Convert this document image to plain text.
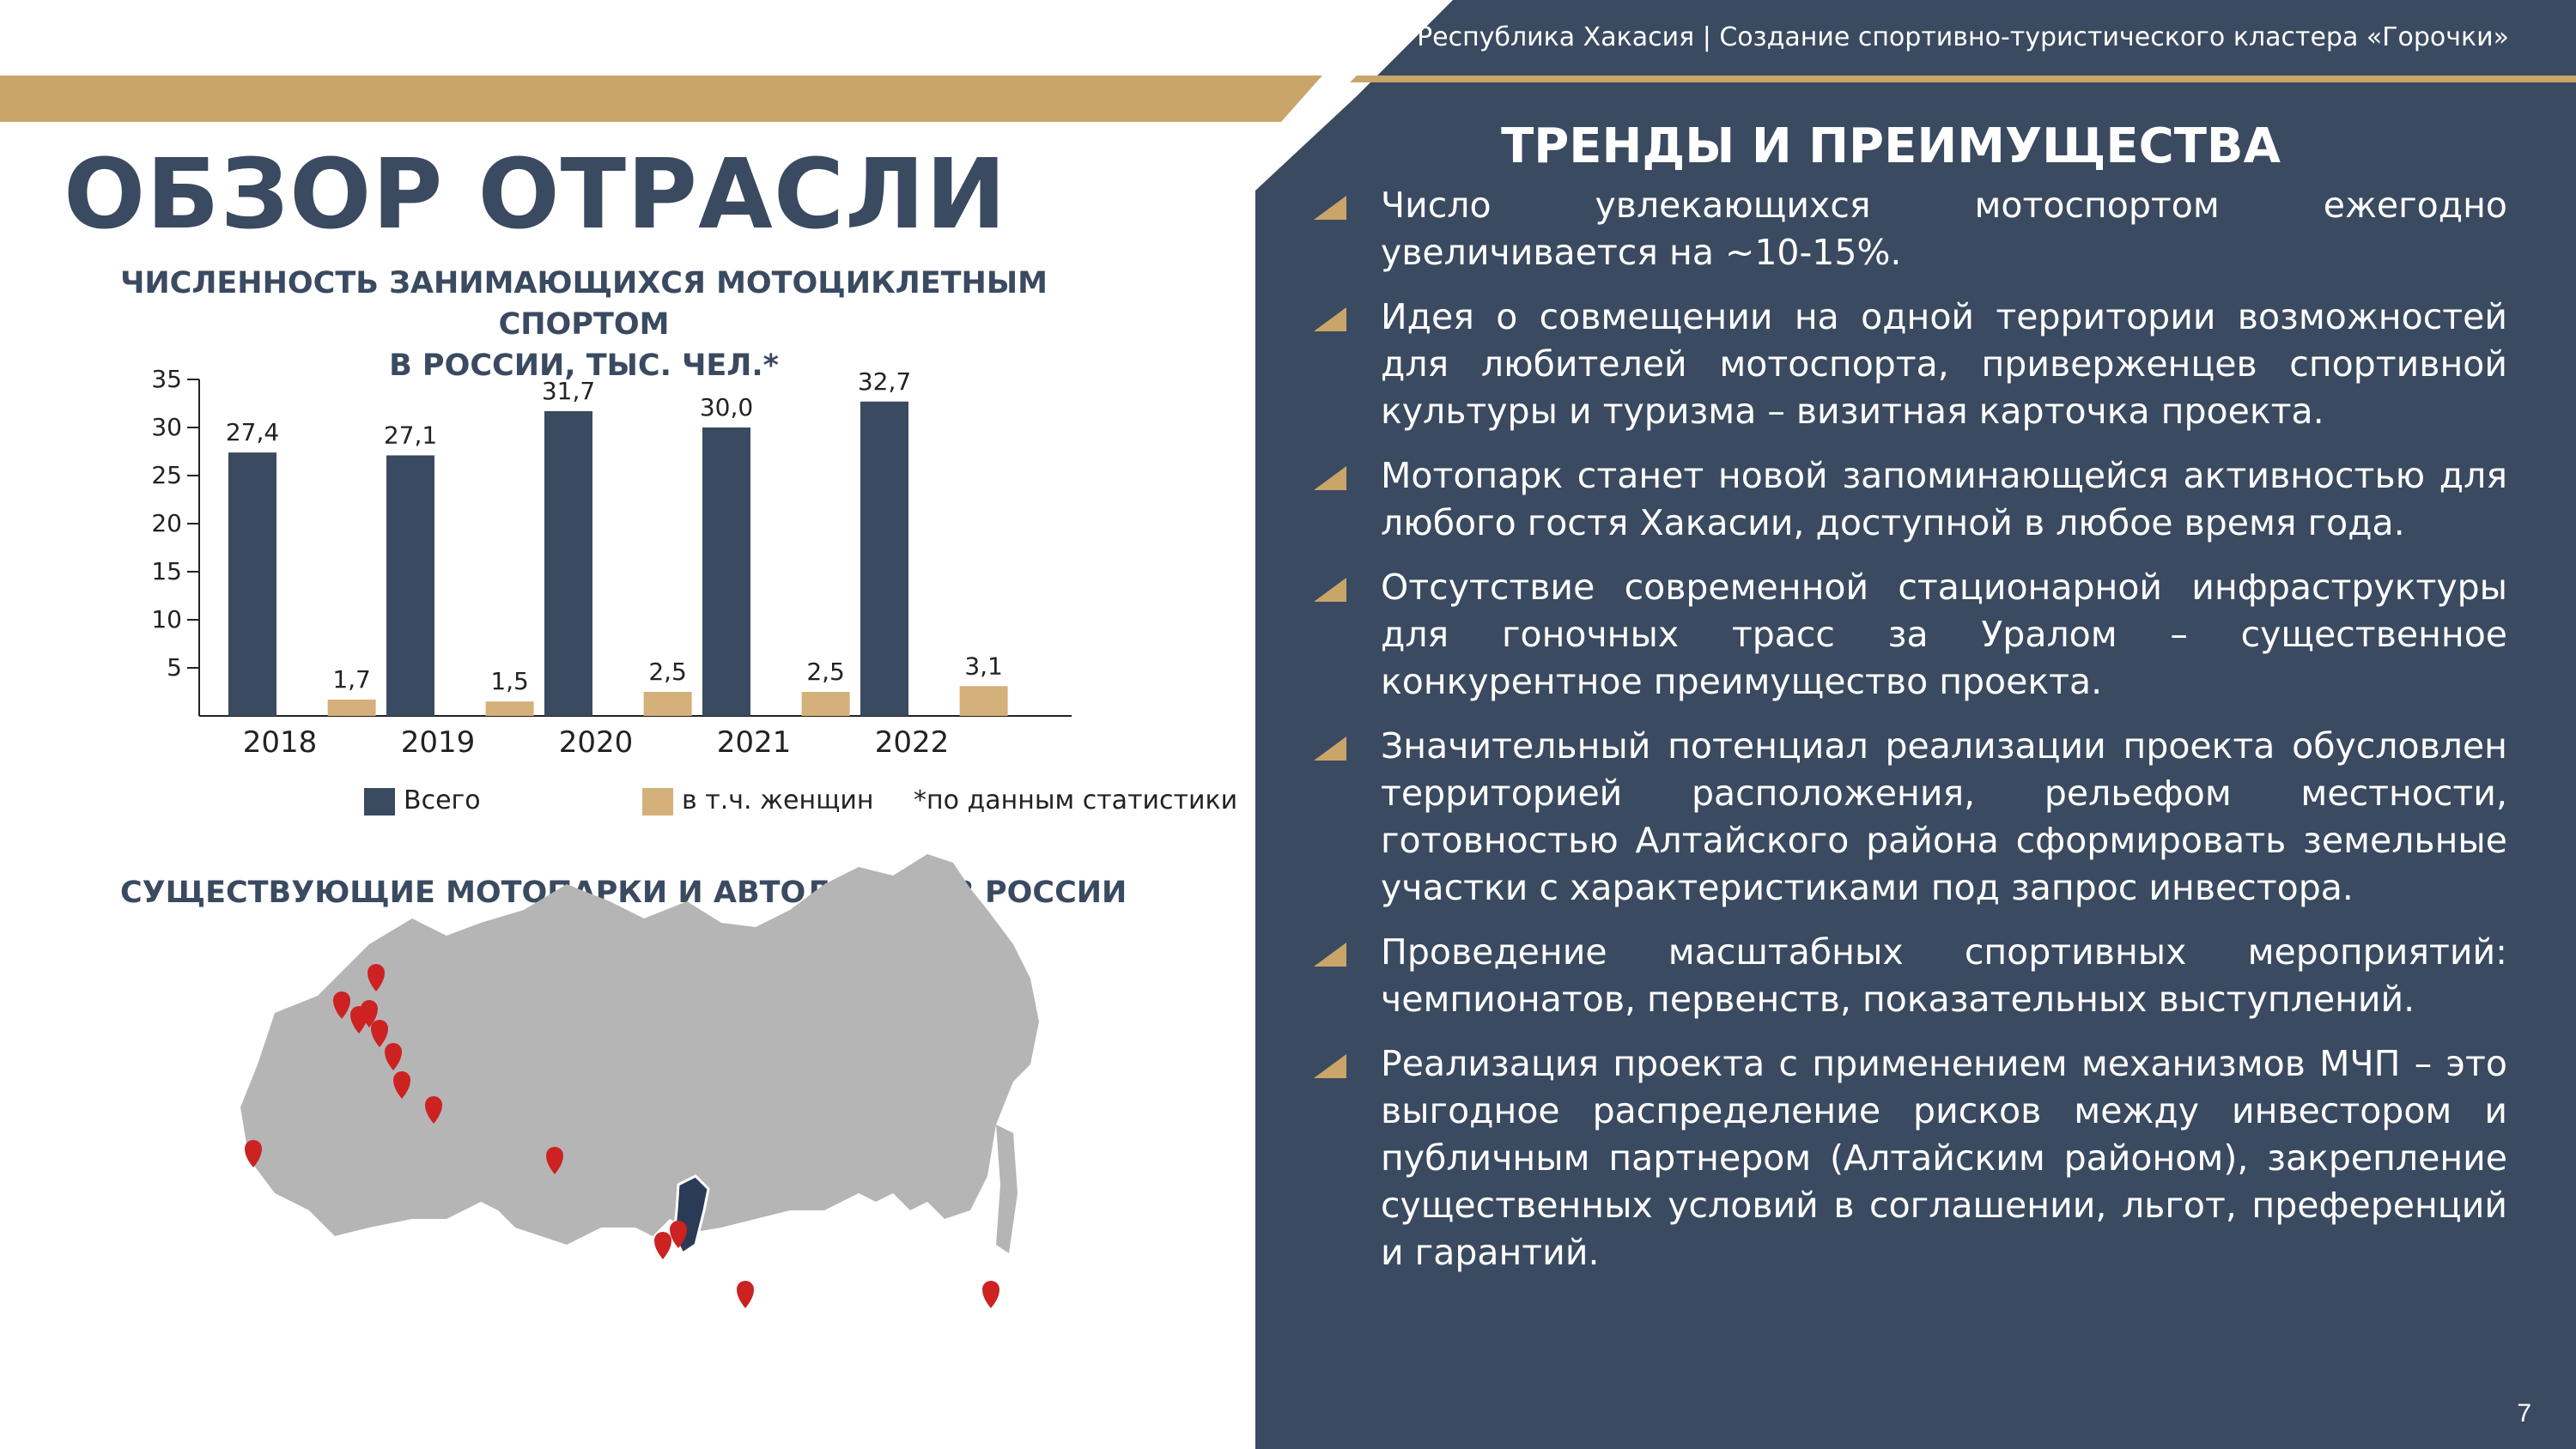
Республика Хакасия | Создание спортивно-туристического кластера «Горочки»
ОБЗОР ОТРАСЛИ
ЧИСЛЕННОСТЬ ЗАНИМАЮЩИХСЯ МОТОЦИКЛЕТНЫМ СПОРТОМ
В РОССИИ, ТЫС. ЧЕЛ.*
5
10
15
20
25
30
35
27,4
1,7
2018
27,1
1,5
2019
31,7
2,5
2020
30,0
2,5
2021
32,7
3,1
2022
Всего	в т.ч. женщин *по данным статистики
СУЩЕСТВУЮЩИЕ МОТОПАРКИ И АВТОДРОМЫ В РОССИИ
ТРЕНДЫ И ПРЕИМУЩЕСТВА
Число увлекающихся мотоспортом ежегодно увеличивается на ~10-15%.
Идея о совмещении на одной территории возможностей для любителей мотоспорта, приверженцев спортивной культуры и туризма – визитная карточка проекта.
Мотопарк станет новой запоминающейся активностью для любого гостя Хакасии, доступной в любое время года.
Отсутствие современной стационарной инфраструктуры для гоночных трасс за Уралом – существенное конкурентное преимущество проекта.
Значительный потенциал реализации проекта обусловлен территорией расположения, рельефом местности, готовностью Алтайского района сформировать земельные участки с характеристиками под запрос инвестора.
Проведение масштабных спортивных мероприятий: чемпионатов, первенств, показательных выступлений.
Реализация проекта с применением механизмов МЧП – это выгодное распределение рисков между инвестором и публичным партнером (Алтайским районом), закрепление существенных условий в соглашении, льгот, преференций и гарантий.
7
